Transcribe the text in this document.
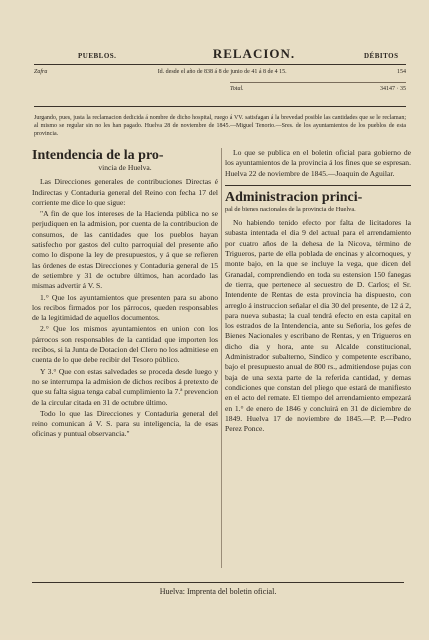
PUEBLOS.	RELACION.	DÉBITOS
Zafra	Id. desde el año de 838 á 8 de junio de 41 á 8 de 4 15.	154
Total.	34147 · 35
Jurgando, pues, justa la reclamacion dedicida á nombre de dicho hospital, ruego á VV. satisfagan á la brevedad posible las cantidades que se le reclaman; al mismo se regular sin no les han pagado. Huelva 28 de noviembre de 1845.—Miguel Tenorio.—Sres. de los ayuntamientos de los pueblos de esta provincia.
Intendencia de la pro-
vincia de Huelva.

Las Direcciones generales de contribuciones Directas é Indirectas y Contaduria general del Reino con fecha 17 del corriente me dice lo que sigue:

"A fin de que los intereses de la Hacienda pública no se perjudiquen en la admision, por cuenta de la contribucion de consumos, de las cantidades que los pueblos hayan satisfecho por gastos del culto parroquial del presente año como lo dispone la ley de presupuestos, y á que se refieren las órdenes de estas Direcciones y Contaduria general de 15 de setiembre y 31 de octubre últimos, han acordado las mismas advertir á V. S.

1.° Que los ayuntamientos que presenten para su abono los recibos firmados por los párrocos, queden responsables de la legitimidad de aquellos documentos.

2.° Que los mismos ayuntamientos en union con los párrocos son responsables de la cantidad que importen los recibos, si la Junta de Dotacion del Clero no los admitiese en cuenta de lo que debe recibir del Tesoro público.

Y 3.° Que con estas salvedades se proceda desde luego y no se interrumpa la admision de dichos recibos á pretexto de que su falta sigua tenga cabal cumplimiento la 7.ª prevencion de la circular citada en 31 de octubre último.

Todo lo que las Direcciones y Contaduria general del reino comunican á V. S. para su inteligencia, la de esas oficinas y puntual observancia."

Lo que se publica en el boletin oficial para gobierno de los ayuntamientos de la provincia á los fines que se espresan. Huelva 22 de noviembre de 1845.—Joaquin de Aguilar.

Administracion princi-
pal de bienes nacionales de la provincia de Huelva.

No habiendo tenido efecto por falta de licitadores la subasta intentada el dia 9 del actual para el arrendamiento por cuatro años de la dehesa de la Nicova, término de Trigueros, parte de ella poblada de encinas y alcornoques, y monte bajo, en la que se incluye la vega, que dicen del Granadal, comprendiendo en toda su estension 150 fanegas de tierra, que pertenece al secuestro de D. Carlos; el Sr. Intendente de Rentas de esta provincia ha dispuesto, con arreglo á instruccion señalar el dia 30 del presente, de 12 á 2, para nueva subasta; la cual tendrá efecto en esta capital en los estrados de la Intendencia, ante su Señoria, los gefes de Bienes Nacionales y escribano de Rentas, y en Trigueros en dicho dia y hora, ante su Alcalde constitucional, Administrador subalterno, Sindico y competente escribano, bajo el presupuesto anual de 800 rs., admitiendose pujas con baja de una sexta parte de la referida cantidad, y demas condiciones que constan del pliego que estará de manifiesto en el acto del remate. El tiempo del arrendamiento empezará en 1.° de enero de 1846 y concluirá en 31 de diciembre de 1849. Huelva 17 de noviembre de 1845.—P. P.—Pedro Perez Ponce.

Huelva: Imprenta del boletin oficial.
